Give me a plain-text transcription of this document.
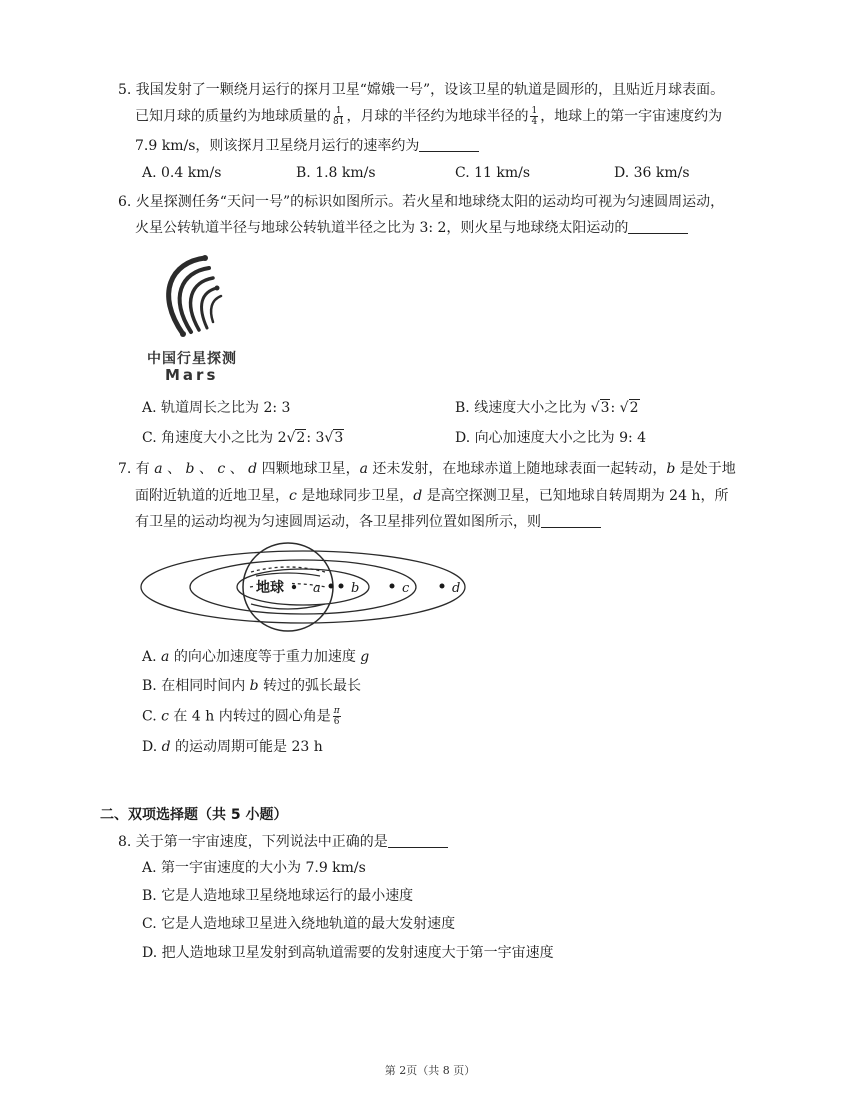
5. 我国发射了一颗绕月运行的探月卫星“嫦娥一号”，设该卫星的轨道是圆形的，且贴近月球表面。
已知月球的质量约为地球质量的 $\frac{1}{81}$ ，月球的半径约为地球半径的 $\frac{1}{4}$ ，地球上的第一宇宙速度约为
7.9 km/s，则该探月卫星绕月运行的速率约为
A. 0.4 km/s	B. 1.8 km/s	C. 11 km/s	D. 36 km/s
6. 火星探测任务“天问一号”的标识如图所示。若火星和地球绕太阳的运动均可视为匀速圆周运动，
火星公转轨道半径与地球公转轨道半径之比为 3: 2，则火星与地球绕太阳运动的
中国行星探测
Mars
A. 轨道周长之比为 2: 3	B. 线速度大小之比为 √3: √2
C. 角速度大小之比为 2√2: 3√3	D. 向心加速度大小之比为 9: 4
7. 有 a 、 b 、 c 、 d 四颗地球卫星，a 还未发射，在地球赤道上随地球表面一起转动，b 是处于地
面附近轨道的近地卫星，c 是地球同步卫星，d 是高空探测卫星，已知地球自转周期为 24 h，所
有卫星的运动均视为匀速圆周运动，各卫星排列位置如图所示，则
地球 a b	c	d
A. a 的向心加速度等于重力加速度 g
B. 在相同时间内 b 转过的弧长最长
C. c 在 4 h 内转过的圆心角是 $\frac{\pi}{6}$
D. d 的运动周期可能是 23 h
二、双项选择题（共 5 小题）
8. 关于第一宇宙速度，下列说法中正确的是
A. 第一宇宙速度的大小为 7.9 km/s
B. 它是人造地球卫星绕地球运行的最小速度
C. 它是人造地球卫星进入绕地轨道的最大发射速度
D. 把人造地球卫星发射到高轨道需要的发射速度大于第一宇宙速度
第 2页（共 8 页）
